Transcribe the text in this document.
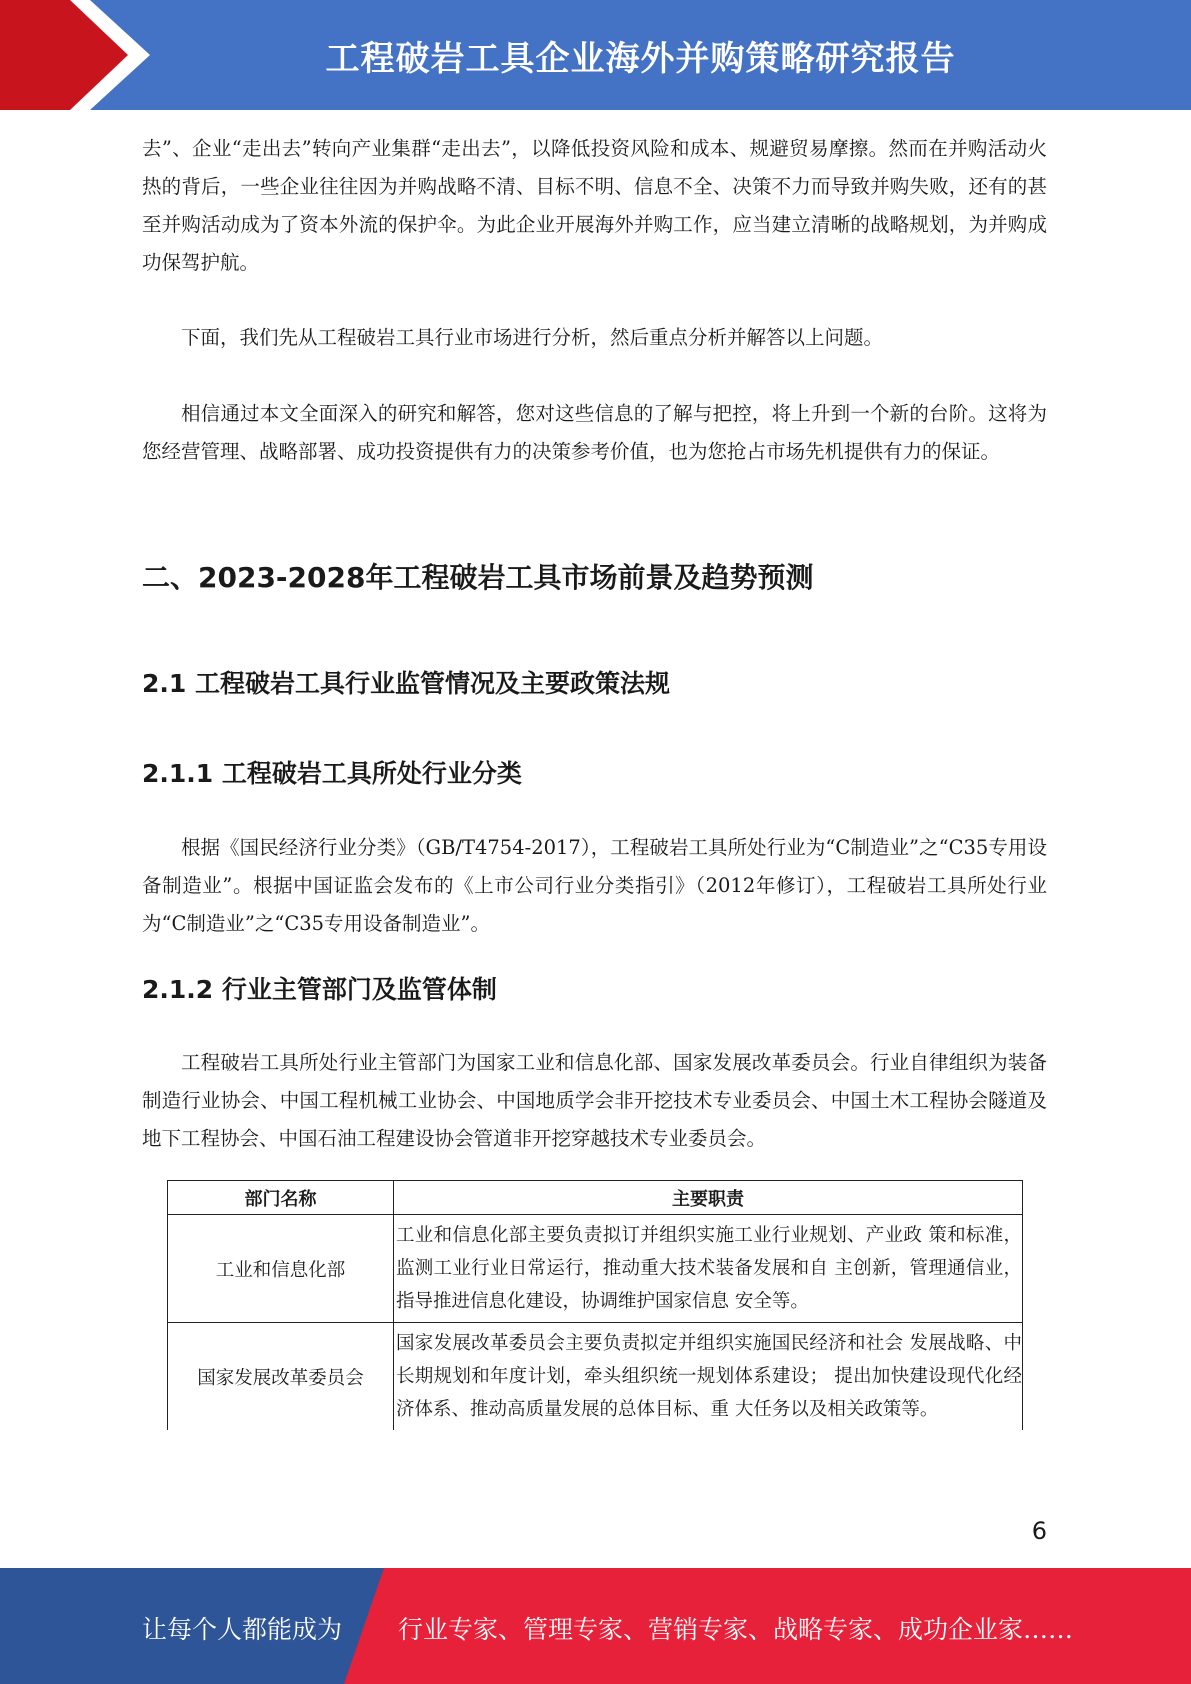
工程破岩工具企业海外并购策略研究报告

去”、企业“走出去”转向产业集群“走出去”，以降低投资风险和成本、规避贸易摩擦。然而在并购活动火热的背后，一些企业往往因为并购战略不清、目标不明、信息不全、决策不力而导致并购失败，还有的甚至并购活动成为了资本外流的保护伞。为此企业开展海外并购工作，应当建立清晰的战略规划，为并购成功保驾护航。

下面，我们先从工程破岩工具行业市场进行分析，然后重点分析并解答以上问题。

相信通过本文全面深入的研究和解答，您对这些信息的了解与把控，将上升到一个新的台阶。这将为您经营管理、战略部署、成功投资提供有力的决策参考价值，也为您抢占市场先机提供有力的保证。

二、2023-2028年工程破岩工具市场前景及趋势预测
2.1 工程破岩工具行业监管情况及主要政策法规
2.1.1 工程破岩工具所处行业分类

根据《国民经济行业分类》（GB/T4754-2017），工程破岩工具所处行业为“C制造业”之“C35专用设备制造业”。根据中国证监会发布的《上市公司行业分类指引》（2012年修订），工程破岩工具所处行业为“C制造业”之“C35专用设备制造业”。

2.1.2 行业主管部门及监管体制

工程破岩工具所处行业主管部门为国家工业和信息化部、国家发展改革委员会。行业自律组织为装备制造行业协会、中国工程机械工业协会、中国地质学会非开挖技术专业委员会、中国土木工程协会隧道及地下工程协会、中国石油工程建设协会管道非开挖穿越技术专业委员会。

部门名称	主要职责
工业和信息化部	工业和信息化部主要负责拟订并组织实施工业行业规划、产业政 策和标准，监测工业行业日常运行，推动重大技术装备发展和自 主创新，管理通信业，指导推进信息化建设，协调维护国家信息 安全等。
国家发展改革委员会	国家发展改革委员会主要负责拟定并组织实施国民经济和社会 发展战略、中长期规划和年度计划，牵头组织统一规划体系建设； 提出加快建设现代化经济体系、推动高质量发展的总体目标、重 大任务以及相关政策等。
6
让每个人都能成为 行业专家、管理专家、营销专家、战略专家、成功企业家……
